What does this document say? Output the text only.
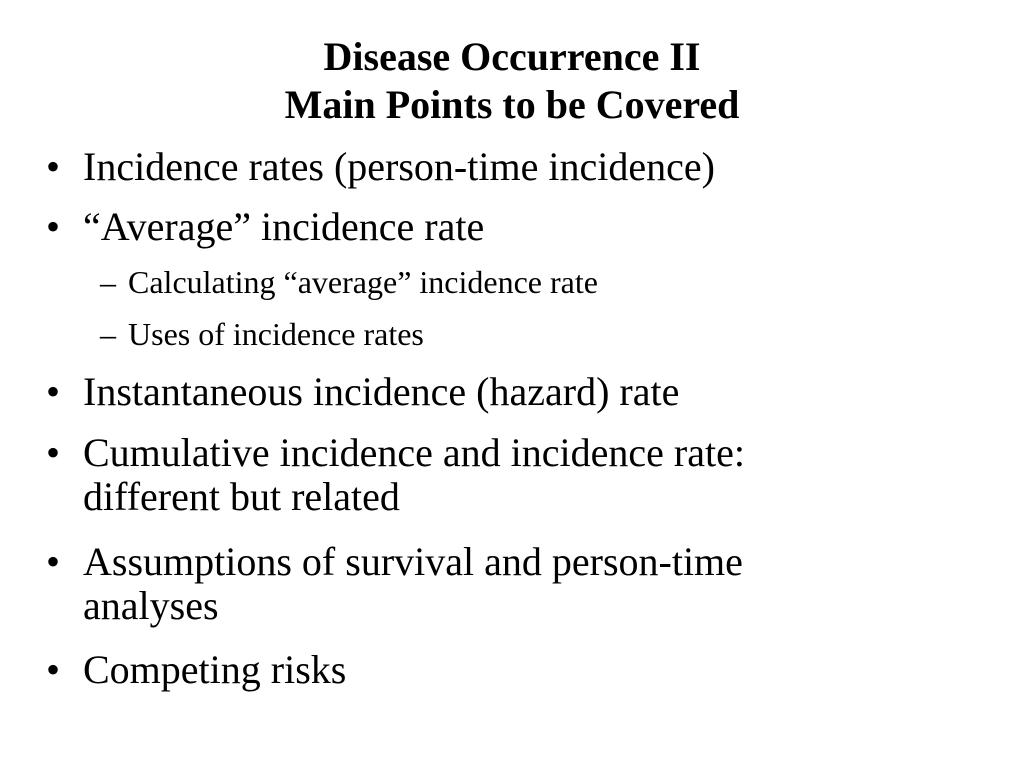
Disease Occurrence II
Main Points to be Covered
• Incidence rates (person-time incidence)
• “Average” incidence rate
– Calculating “average” incidence rate
– Uses of incidence rates
• Instantaneous incidence (hazard) rate
• Cumulative incidence and incidence rate:
different but related
• Assumptions of survival and person-time
analyses
• Competing risks
